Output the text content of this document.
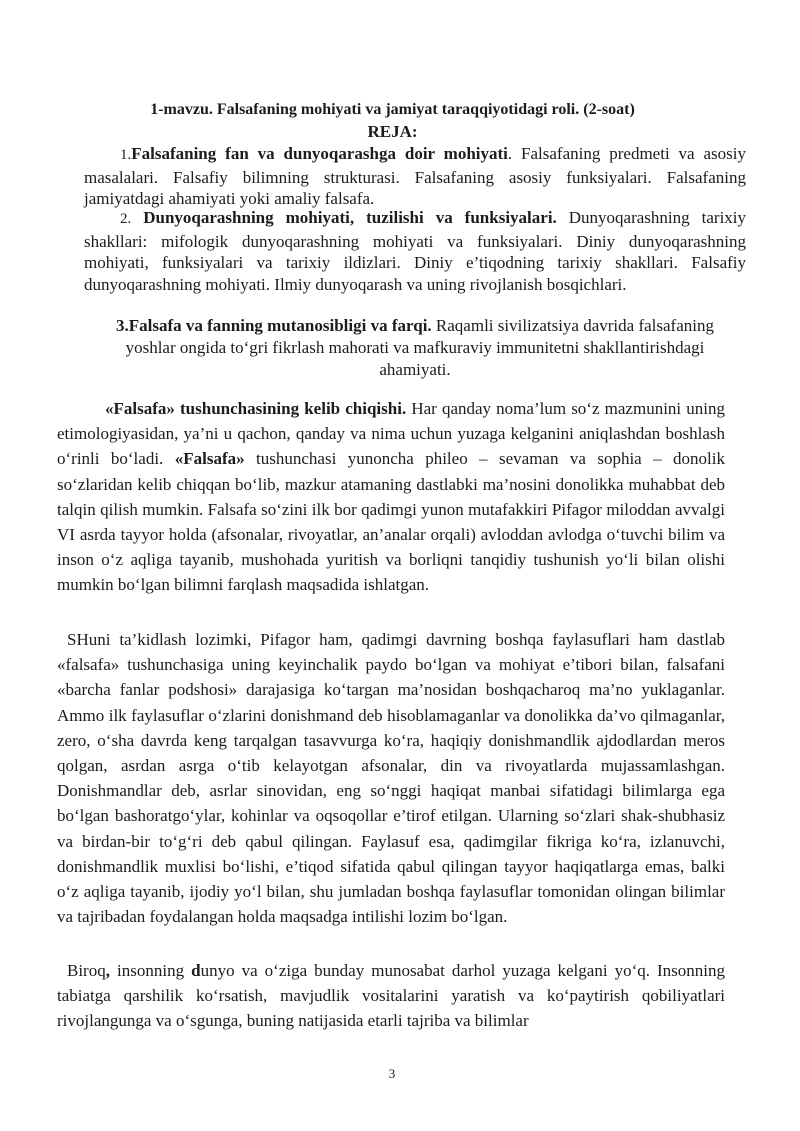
1-mavzu. Falsafaning mohiyati va jamiyat taraqqiyotidagi roli. (2-soat)
REJA:
1.Falsafaning fan va dunyoqarashga doir mohiyati. Falsafaning predmeti va asosiy masalalari. Falsafiy bilimning strukturasi. Falsafaning asosiy funksiyalari. Falsafaning jamiyatdagi ahamiyati yoki amaliy falsafa.
2. Dunyoqarashning mohiyati, tuzilishi va funksiyalari. Dunyoqarashning tarixiy shakllari: mifologik dunyoqarashning mohiyati va funksiyalari. Diniy dunyoqarashning mohiyati, funksiyalari va tarixiy ildizlari. Diniy e’tiqodning tarixiy shakllari. Falsafiy dunyoqarashning mohiyati. Ilmiy dunyoqarash va uning rivojlanish bosqichlari.
3.Falsafa va fanning mutanosibligi va farqi. Raqamli sivilizatsiya davrida falsafaning yoshlar ongida to‘gri fikrlash mahorati va mafkuraviy immunitetni shakllantirishdagi ahamiyati.
«Falsafa» tushunchasining kelib chiqishi. Har qanday noma’lum so‘z mazmunini uning etimologiyasidan, ya’ni u qachon, qanday va nima uchun yuzaga kelganini aniqlashdan boshlash o‘rinli bo‘ladi. «Falsafa» tushunchasi yunoncha phileo – sevaman va sophia – donolik so‘zlaridan kelib chiqqan bo‘lib, mazkur atamaning dastlabki ma’nosini donolikka muhabbat deb talqin qilish mumkin. Falsafa so‘zini ilk bor qadimgi yunon mutafakkiri Pifagor miloddan avvalgi VI asrda tayyor holda (afsonalar, rivoyatlar, an’analar orqali) avloddan avlodga o‘tuvchi bilim va inson o‘z aqliga tayanib, mushohada yuritish va borliqni tanqidiy tushunish yo‘li bilan olishi mumkin bo‘lgan bilimni farqlash maqsadida ishlatgan.
SHuni ta’kidlash lozimki, Pifagor ham, qadimgi davrning boshqa faylasuflari ham dastlab «falsafa» tushunchasiga uning keyinchalik paydo bo‘lgan va mohiyat e’tibori bilan, falsafani «barcha fanlar podshosi» darajasiga ko‘targan ma’nosidan boshqacharoq ma’no yuklaganlar. Ammo ilk faylasuflar o‘zlarini donishmand deb hisoblamaganlar va donolikka da’vo qilmaganlar, zero, o‘sha davrda keng tarqalgan tasavvurga ko‘ra, haqiqiy donishmandlik ajdodlardan meros qolgan, asrdan asrga o‘tib kelayotgan afsonalar, din va rivoyatlarda mujassamlashgan. Donishmandlar deb, asrlar sinovidan, eng so‘nggi haqiqat manbai sifatidagi bilimlarga ega bo‘lgan bashoratgo‘ylar, kohinlar va oqsoqollar e’tirof etilgan. Ularning so‘zlari shak-shubhasiz va birdan-bir to‘g‘ri deb qabul qilingan. Faylasuf esa, qadimgilar fikriga ko‘ra, izlanuvchi, donishmandlik muxlisi bo‘lishi, e’tiqod sifatida qabul qilingan tayyor haqiqatlarga emas, balki o‘z aqliga tayanib, ijodiy yo‘l bilan, shu jumladan boshqa faylasuflar tomonidan olingan bilimlar va tajribadan foydalangan holda maqsadga intilishi lozim bo‘lgan.
Biroq, insonning dunyo va o‘ziga bunday munosabat darhol yuzaga kelgani yo‘q. Insonning tabiatga qarshilik ko‘rsatish, mavjudlik vositalarini yaratish va ko‘paytirish qobiliyatlari rivojlangunga va o‘sgunga, buning natijasida etarli tajriba va bilimlar
3
